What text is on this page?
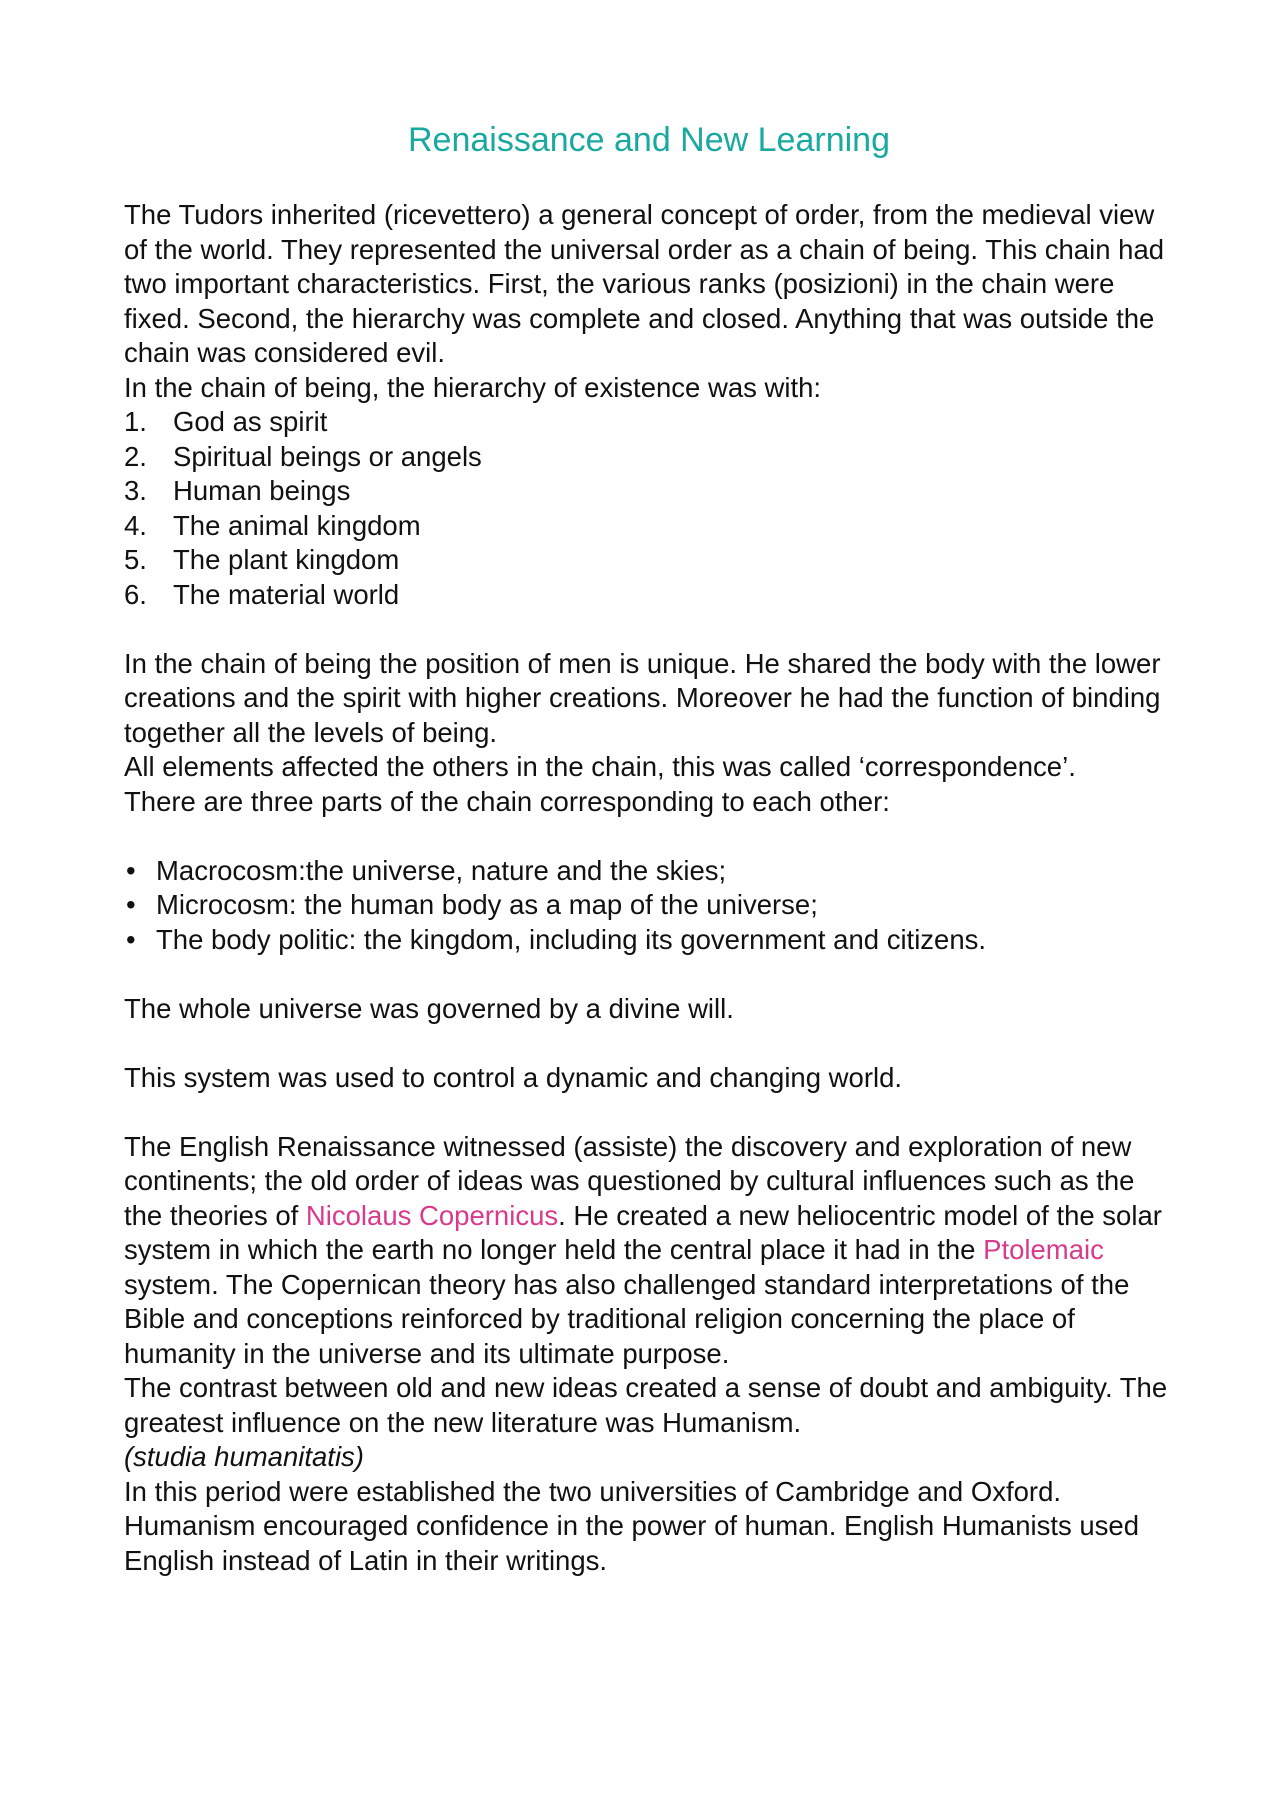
Renaissance and New Learning

The Tudors inherited (ricevettero) a general concept of order, from the medieval view of the world. They represented the universal order as a chain of being. This chain had two important characteristics. First, the various ranks (posizioni) in the chain were fixed. Second, the hierarchy was complete and closed. Anything that was outside the chain was considered evil.

In the chain of being, the hierarchy of existence was with:

1. God as spirit
2. Spiritual beings or angels
3. Human beings
4. The animal kingdom
5. The plant kingdom
6. The material world

In the chain of being the position of men is unique. He shared the body with the lower creations and the spirit with higher creations. Moreover he had the function of binding together all the levels of being.

All elements affected the others in the chain, this was called ‘correspondence’.

There are three parts of the chain corresponding to each other:

• Macrocosm:the universe, nature and the skies;
• Microcosm: the human body as a map of the universe;
• The body politic: the kingdom, including its government and citizens.

The whole universe was governed by a divine will.

This system was used to control a dynamic and changing world.

The English Renaissance witnessed (assiste) the discovery and exploration of new continents; the old order of ideas was questioned by cultural influences such as the the theories of Nicolaus Copernicus. He created a new heliocentric model of the solar system in which the earth no longer held the central place it had in the Ptolemaic system. The Copernican theory has also challenged standard interpretations of the Bible and conceptions reinforced by traditional religion concerning the place of humanity in the universe and its ultimate purpose.

The contrast between old and new ideas created a sense of doubt and ambiguity. The greatest influence on the new literature was Humanism.

(studia humanitatis)

In this period were established the two universities of Cambridge and Oxford. Humanism encouraged confidence in the power of human. English Humanists used English instead of Latin in their writings.
